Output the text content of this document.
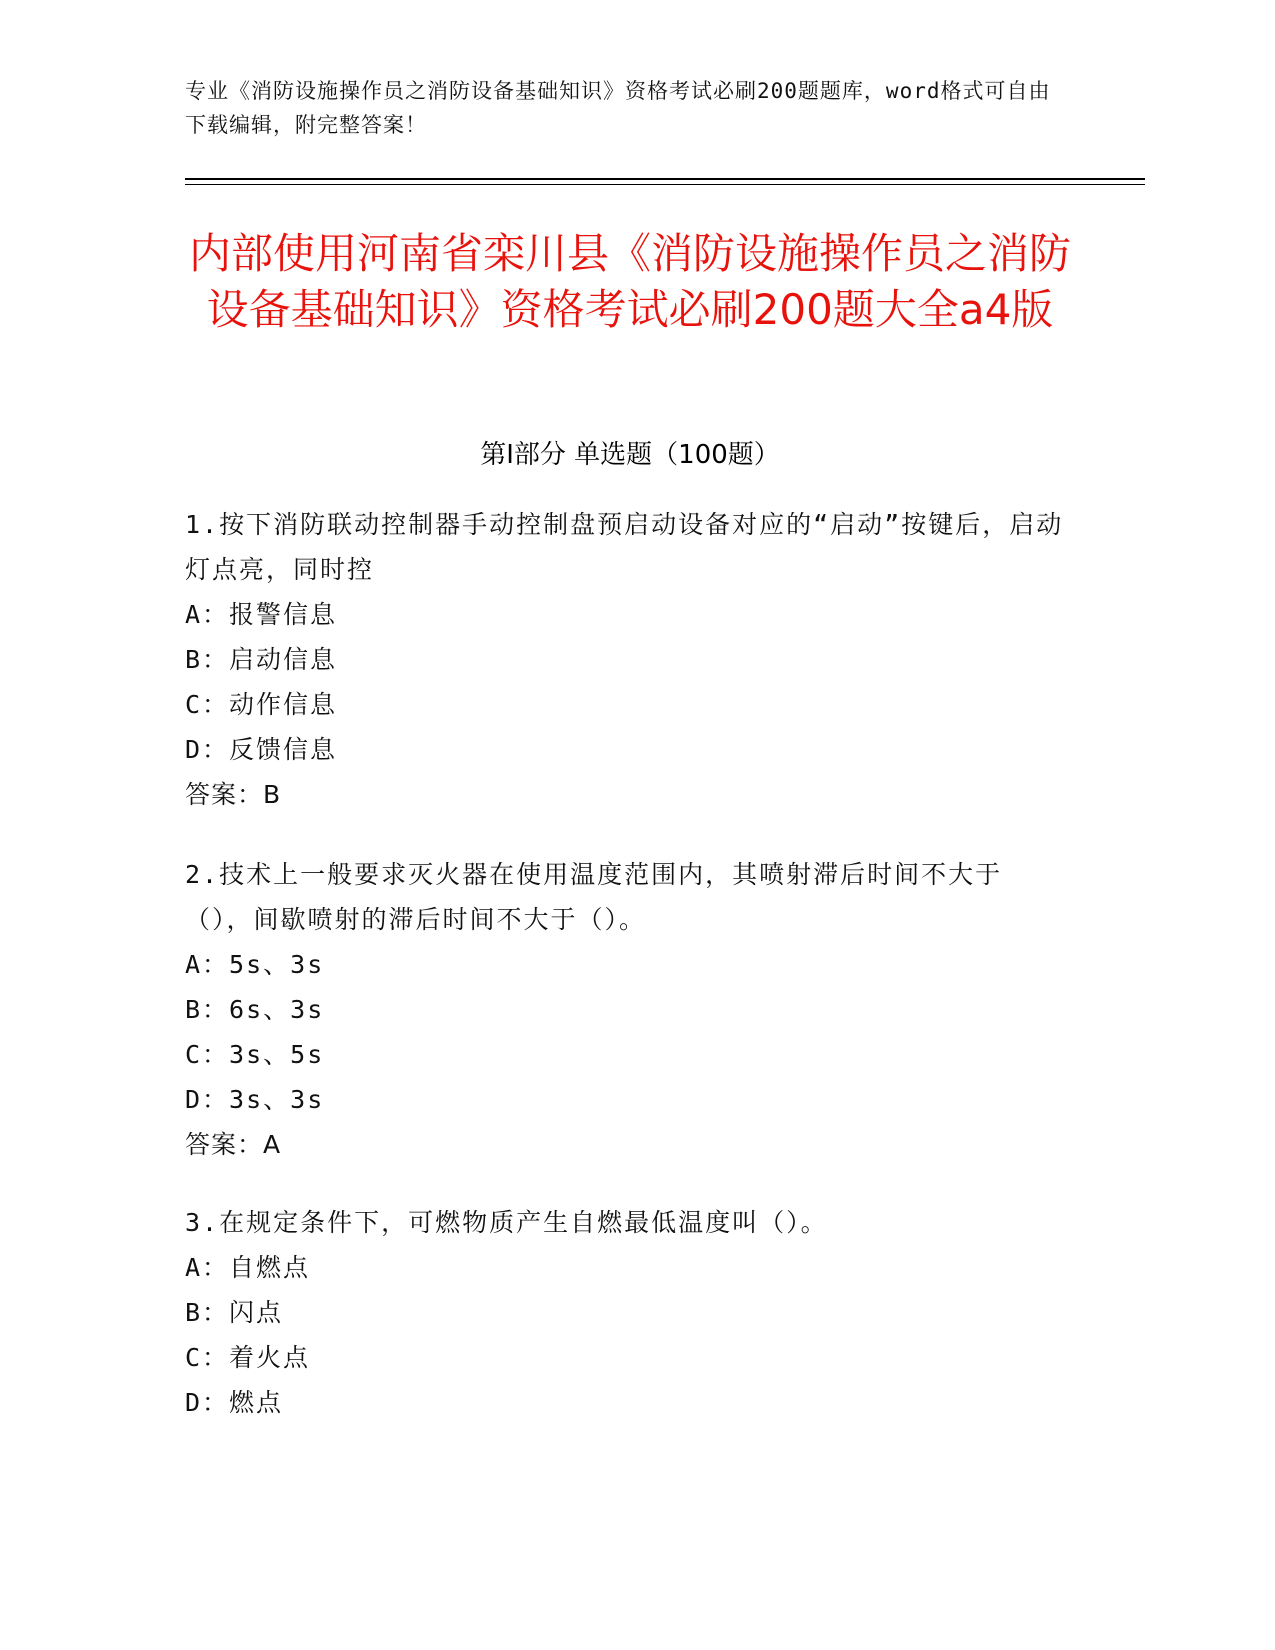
专业《消防设施操作员之消防设备基础知识》资格考试必刷200题题库，word格式可自由下载编辑，附完整答案！
内部使用河南省栾川县《消防设施操作员之消防设备基础知识》资格考试必刷200题大全a4版
第Ⅰ部分 单选题（100题）
1.按下消防联动控制器手动控制盘预启动设备对应的“启动”按键后，启动灯点亮，同时控
A：报警信息
B：启动信息
C：动作信息
D：反馈信息
答案：B
2.技术上一般要求灭火器在使用温度范围内，其喷射滞后时间不大于（），间歇喷射的滞后时间不大于（）。
A：5s、3s
B：6s、3s
C：3s、5s
D：3s、3s
答案：A
3.在规定条件下，可燃物质产生自燃最低温度叫（）。
A：自燃点
B：闪点
C：着火点
D：燃点
